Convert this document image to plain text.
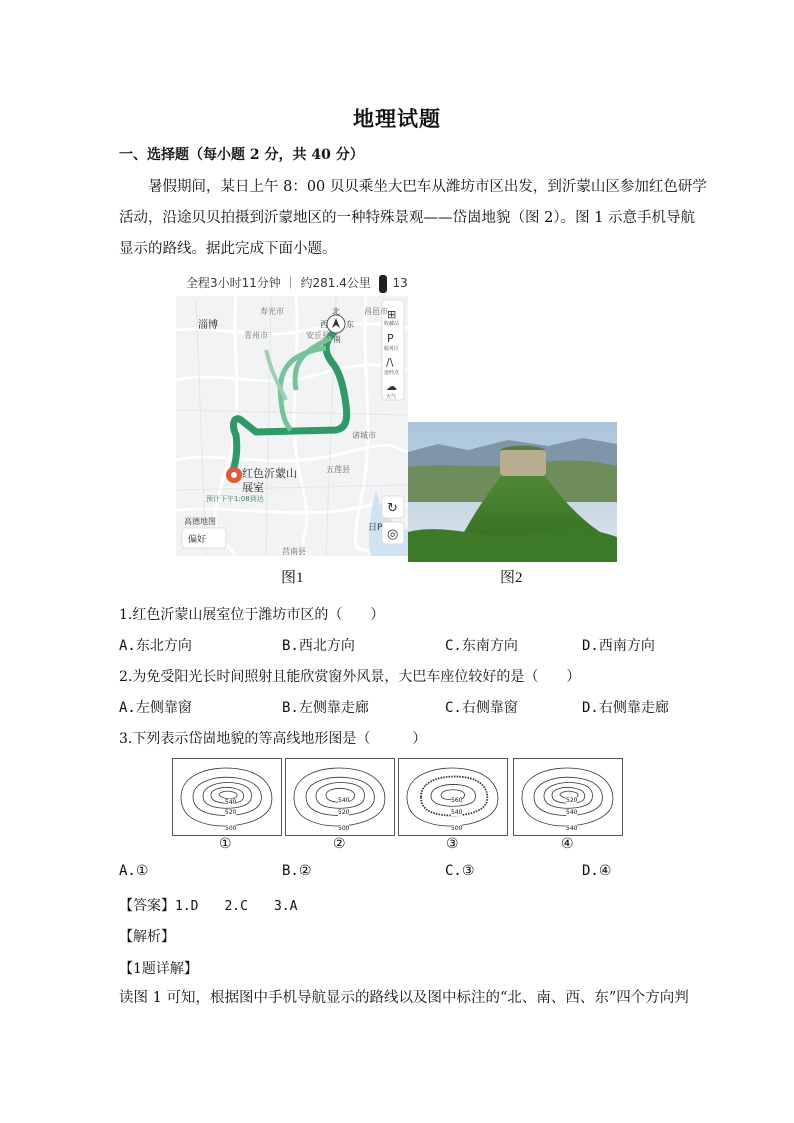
地理试题
一、选择题（每小题 2 分，共 40 分）
暑假期间，某日上午 8：00 贝贝乘坐大巴车从潍坊市区出发，到沂蒙山区参加红色研学
活动，沿途贝贝拍摄到沂蒙地区的一种特殊景观——岱崮地貌（图 2）。图 1 示意手机导航
显示的路线。据此完成下面小题。
⊞
P
/\
☁
↻
◎
淄博
寿光市	昌邑市
青州市
北
西 东
南
安丘县
诸城市
五莲县
日P
莒南县
红色沂蒙山
展室
预计下午1:08到达
高德地图
偏好
收藏站
服务区
途经点
天气
全程3小时11分钟 ｜ 约281.4公里 13
图1	图2
1.红色沂蒙山展室位于潍坊市区的（　　）
A.东北方向	B.西北方向	C.东南方向	D.西南方向
2.为免受阳光长时间照射且能欣赏窗外风景，大巴车座位较好的是（　　）
A.左侧靠窗	B.左侧靠走廊	C.右侧靠窗	D.右侧靠走廊
3.下列表示岱崮地貌的等高线地形图是（　　　）
540
520
500
540
520
500
560
540
500
520
540
540
①	②	③	④
A.①	B.②	C.③	D.④
【答案】1.D　　2.C　　3.A
【解析】
【1题详解】
读图 1 可知，根据图中手机导航显示的路线以及图中标注的“北、南、西、东”四个方向判
